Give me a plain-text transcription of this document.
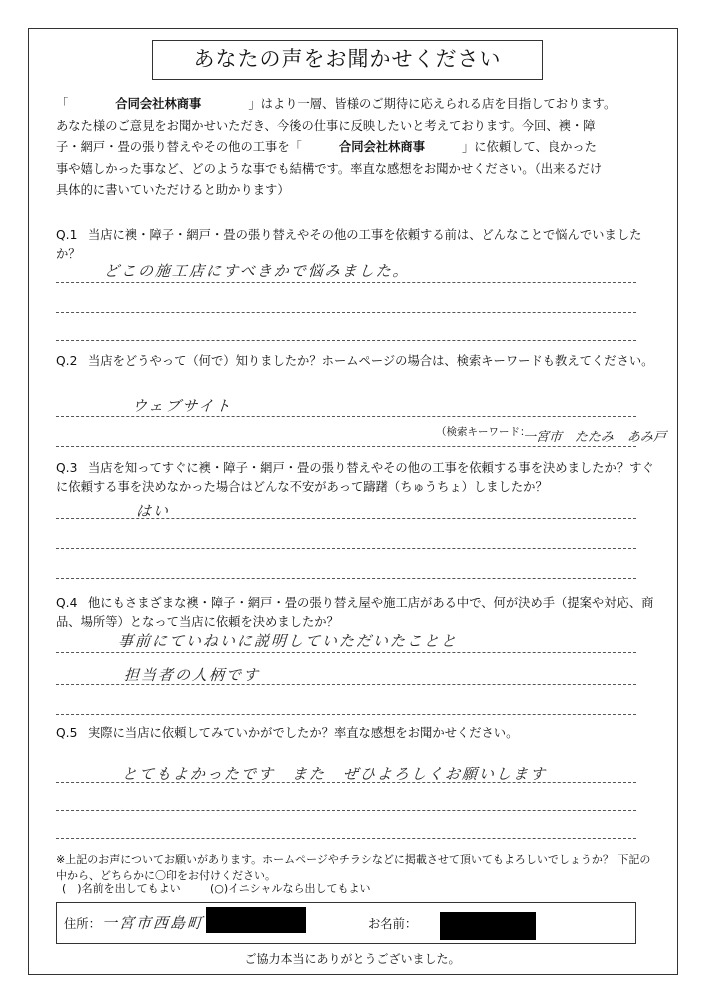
あなたの声をお聞かせください
「	合同会社林商事	」はより一層、皆様のご期待に応えられる店を目指しております。
あなた様のご意見をお聞かせいただき、今後の仕事に反映したいと考えております。今回、襖・障
子・網戸・畳の張り替えやその他の工事を「	合同会社林商事	」に依頼して、良かった
事や嬉しかった事など、どのような事でも結構です。率直な感想をお聞かせください。（出来るだけ
具体的に書いていただけると助かります）
Q.1 当店に襖・障子・網戸・畳の張り替えやその他の工事を依頼する前は、どんなことで悩んでいましたか？
どこの施工店にすべきかで悩みました。
Q.2 当店をどうやって（何で）知りましたか？ホームページの場合は、検索キーワードも教えてください。
ウェブサイト
（検索キーワード：
一宮市　たたみ　あみ戸
Q.3 当店を知ってすぐに襖・障子・網戸・畳の張り替えやその他の工事を依頼する事を決めましたか？すぐに依頼する事を決めなかった場合はどんな不安があって躊躇（ちゅうちょ）しましたか？
はい
Q.4 他にもさまざまな襖・障子・網戸・畳の張り替え屋や施工店がある中で、何が決め手（提案や対応、商品、場所等）となって当店に依頼を決めましたか？
事前にていねいに説明していただいたことと
担当者の人柄です
Q.5 実際に当店に依頼してみていかがでしたか？率直な感想をお聞かせください。
とてもよかったです　また　ぜひよろしくお願いします
※上記のお声についてお願いがあります。ホームページやチラシなどに掲載させて頂いてもよろしいでしょうか？ 下記の中から、どちらかに〇印をお付けください。
(　)名前を出してもよい	(○)イニシャルなら出してもよい
住所： 一宮市西島町	お名前：
ご協力本当にありがとうございました。
